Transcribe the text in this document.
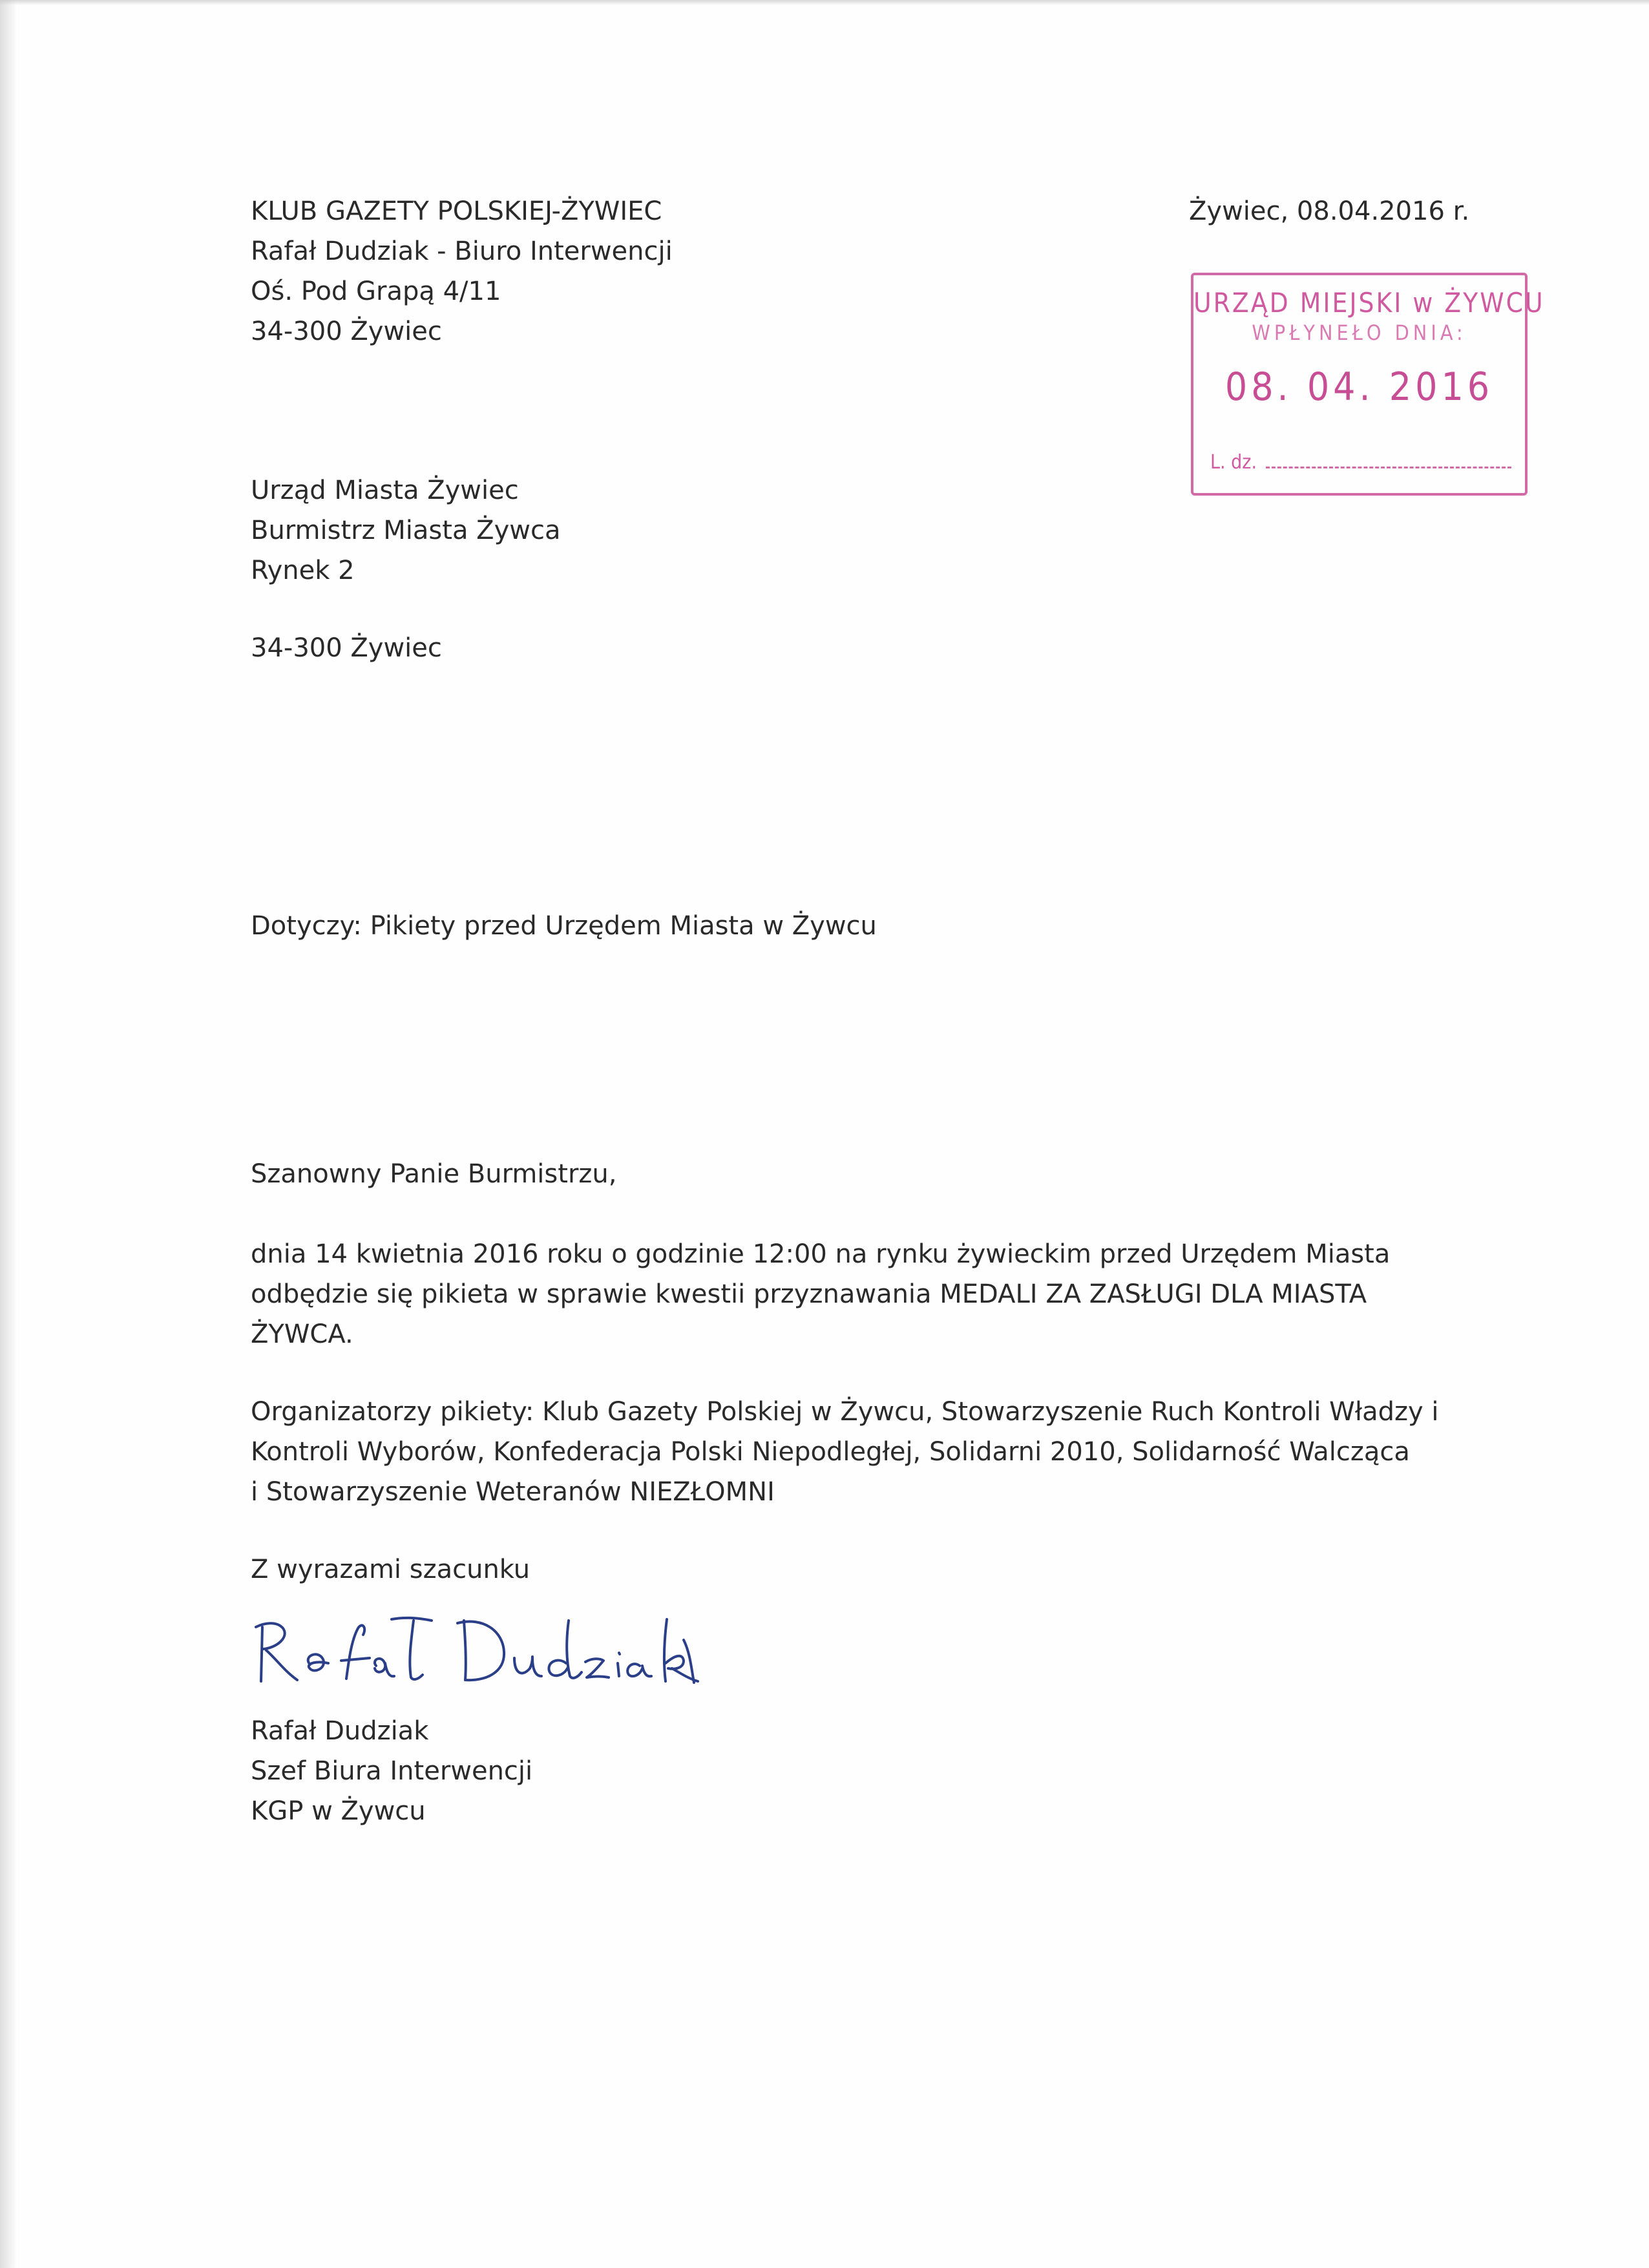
KLUB GAZETY POLSKIEJ-ŻYWIEC
Rafał Dudziak - Biuro Interwencji
Oś. Pod Grapą 4/11
34-300 Żywiec
Żywiec, 08.04.2016 r.
URZĄD MIEJSKI w ŻYWCU
WPŁYNEŁO DNIA:
08. 04. 2016
L. dz.
Urząd Miasta Żywiec
Burmistrz Miasta Żywca
Rynek 2
34-300 Żywiec
Dotyczy: Pikiety przed Urzędem Miasta w Żywcu
Szanowny Panie Burmistrzu,
dnia 14 kwietnia 2016 roku o godzinie 12:00 na rynku żywieckim przed Urzędem Miasta
odbędzie się pikieta w sprawie kwestii przyznawania MEDALI ZA ZASŁUGI DLA MIASTA
ŻYWCA.
Organizatorzy pikiety: Klub Gazety Polskiej w Żywcu, Stowarzyszenie Ruch Kontroli Władzy i
Kontroli Wyborów, Konfederacja Polski Niepodległej, Solidarni 2010, Solidarność Walcząca
i Stowarzyszenie Weteranów NIEZŁOMNI
Z wyrazami szacunku
Rafał Dudziak
Szef Biura Interwencji
KGP w Żywcu
